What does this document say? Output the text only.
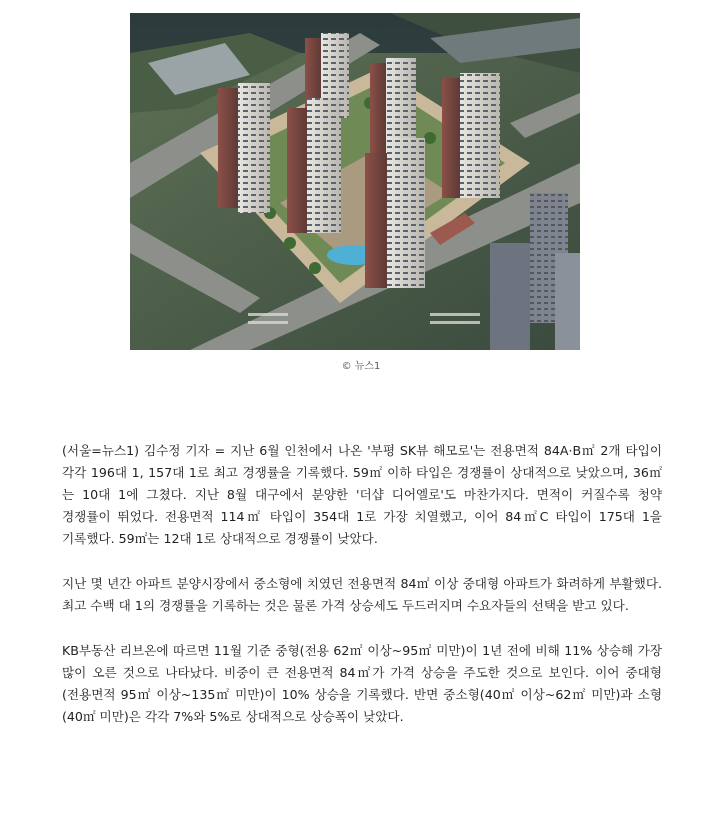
© 뉴스1

(서울=뉴스1) 김수정 기자 = 지난 6월 인천에서 나온 '부평 SK뷰 해모로'는 전용면적 84A·B㎡ 2개 타입이 각각 196대 1, 157대 1로 최고 경쟁률을 기록했다. 59㎡ 이하 타입은 경쟁률이 상대적으로 낮았으며, 36㎡는 10대 1에 그쳤다. 지난 8월 대구에서 분양한 '더샵 디어엘로'도 마찬가지다. 면적이 커질수록 청약 경쟁률이 뛰었다. 전용면적 114㎡ 타입이 354대 1로 가장 치열했고, 이어 84㎡C 타입이 175대 1을 기록했다. 59㎡는 12대 1로 상대적으로 경쟁률이 낮았다.

지난 몇 년간 아파트 분양시장에서 중소형에 치였던 전용면적 84㎡ 이상 중대형 아파트가 화려하게 부활했다. 최고 수백 대 1의 경쟁률을 기록하는 것은 물론 가격 상승세도 두드러지며 수요자들의 선택을 받고 있다.

KB부동산 리브온에 따르면 11월 기준 중형(전용 62㎡ 이상~95㎡ 미만)이 1년 전에 비해 11% 상승해 가장 많이 오른 것으로 나타났다. 비중이 큰 전용면적 84㎡가 가격 상승을 주도한 것으로 보인다. 이어 중대형(전용면적 95㎡ 이상~135㎡ 미만)이 10% 상승을 기록했다. 반면 중소형(40㎡ 이상~62㎡ 미만)과 소형(40㎡ 미만)은 각각 7%와 5%로 상대적으로 상승폭이 낮았다.
